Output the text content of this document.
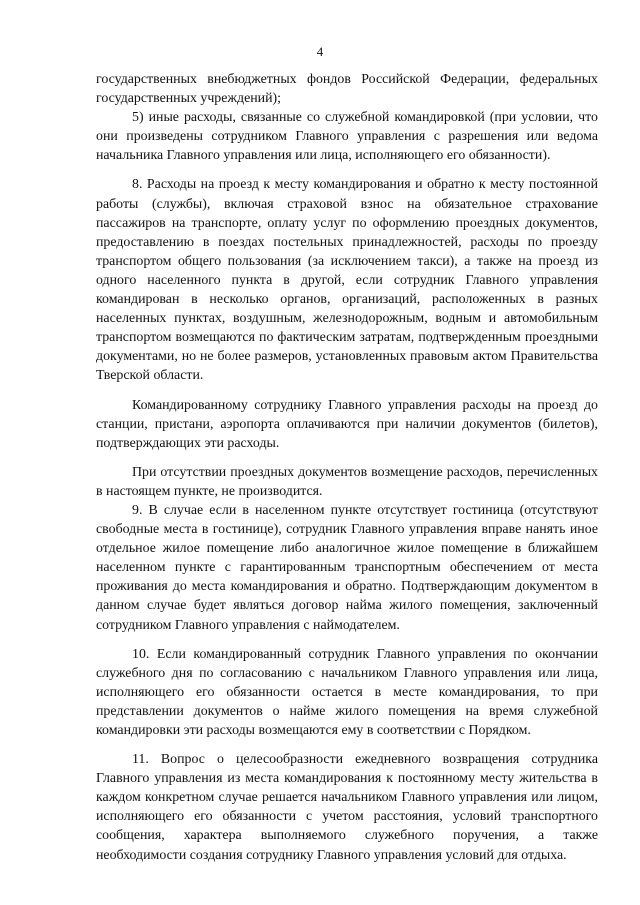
4

государственных внебюджетных фондов Российской Федерации, федеральных государственных учреждений);

5) иные расходы, связанные со служебной командировкой (при условии, что они произведены сотрудником Главного управления с разрешения или ведома начальника Главного управления или лица, исполняющего его обязанности).

8. Расходы на проезд к месту командирования и обратно к месту постоянной работы (службы), включая страховой взнос на обязательное страхование пассажиров на транспорте, оплату услуг по оформлению проездных документов, предоставлению в поездах постельных принадлежностей, расходы по проезду транспортом общего пользования (за исключением такси), а также на проезд из одного населенного пункта в другой, если сотрудник Главного управления командирован в несколько органов, организаций, расположенных в разных населенных пунктах, воздушным, железнодорожным, водным и автомобильным транспортом возмещаются по фактическим затратам, подтвержденным проездными документами, но не более размеров, установленных правовым актом Правительства Тверской области.

Командированному сотруднику Главного управления расходы на проезд до станции, пристани, аэропорта оплачиваются при наличии документов (билетов), подтверждающих эти расходы.

При отсутствии проездных документов возмещение расходов, перечисленных в настоящем пункте, не производится.

9. В случае если в населенном пункте отсутствует гостиница (отсутствуют свободные места в гостинице), сотрудник Главного управления вправе нанять иное отдельное жилое помещение либо аналогичное жилое помещение в ближайшем населенном пункте с гарантированным транспортным обеспечением от места проживания до места командирования и обратно. Подтверждающим документом в данном случае будет являться договор найма жилого помещения, заключенный сотрудником Главного управления с наймодателем.

10. Если командированный сотрудник Главного управления по окончании служебного дня по согласованию с начальником Главного управления или лица, исполняющего его обязанности остается в месте командирования, то при представлении документов о найме жилого помещения на время служебной командировки эти расходы возмещаются ему в соответствии с Порядком.

11. Вопрос о целесообразности ежедневного возвращения сотрудника Главного управления из места командирования к постоянному месту жительства в каждом конкретном случае решается начальником Главного управления или лицом, исполняющего его обязанности с учетом расстояния, условий транспортного сообщения, характера выполняемого служебного поручения, а также необходимости создания сотруднику Главного управления условий для отдыха.
